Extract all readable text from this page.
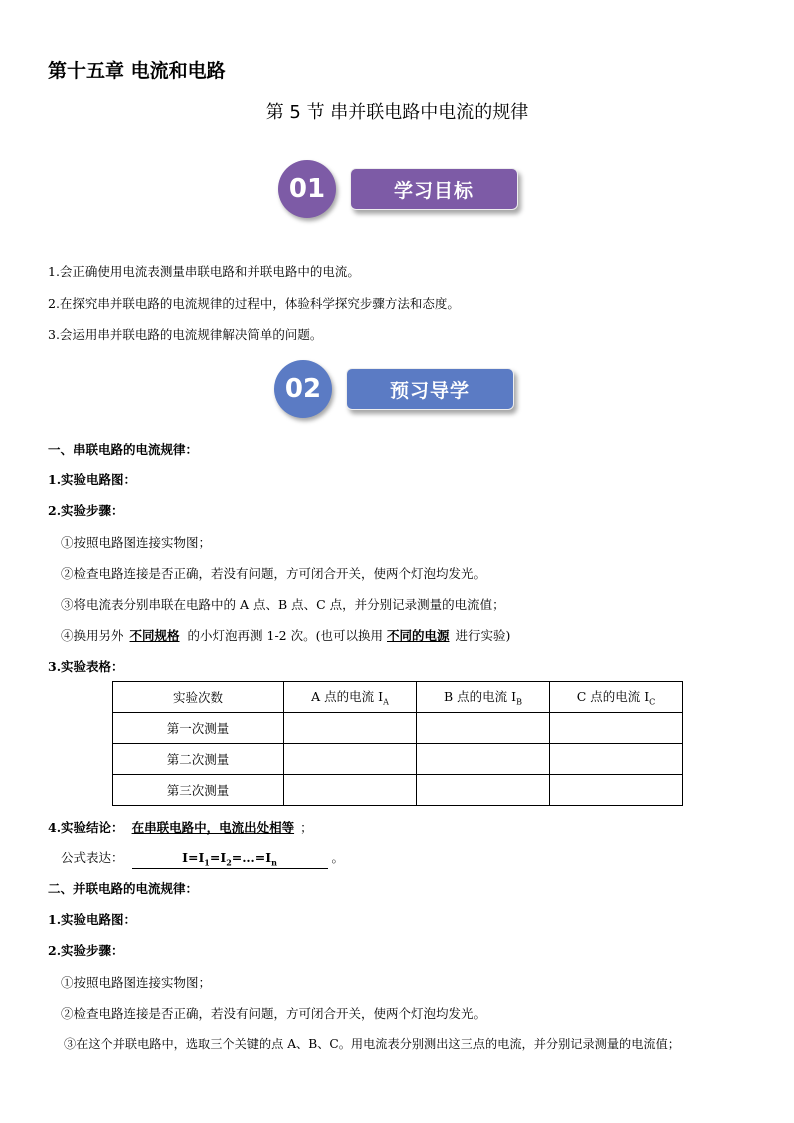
第十五章 电流和电路
第 5 节 串并联电路中电流的规律
01	学习目标
1.会正确使用电流表测量串联电路和并联电路中的电流。
2.在探究串并联电路的电流规律的过程中，体验科学探究步骤方法和态度。
3.会运用串并联电路的电流规律解决简单的问题。
02	预习导学
一、串联电路的电流规律：
1.实验电路图：
2.实验步骤：
①按照电路图连接实物图；
②检查电路连接是否正确，若没有问题，方可闭合开关，使两个灯泡均发光。
③将电流表分别串联在电路中的 A 点、B 点、C 点，并分别记录测量的电流值；
④换用另外 不同规格 的小灯泡再测 1-2 次。(也可以换用 不同的电源 进行实验)
3.实验表格：
实验次数	A 点的电流 $I_A$	B 点的电流 $I_B$	C 点的电流 $I_C$
第一次测量			
第二次测量			
第三次测量			
4.实验结论： 在串联电路中，电流出处相等 ；
公式表达：	$I=I_1=I_2=\dots=I_n$	。
二、并联电路的电流规律：
1.实验电路图：
2.实验步骤：
①按照电路图连接实物图；
②检查电路连接是否正确，若没有问题，方可闭合开关，使两个灯泡均发光。
③在这个并联电路中，选取三个关键的点 A、B、C。用电流表分别测出这三点的电流，并分别记录测量的电流值；
